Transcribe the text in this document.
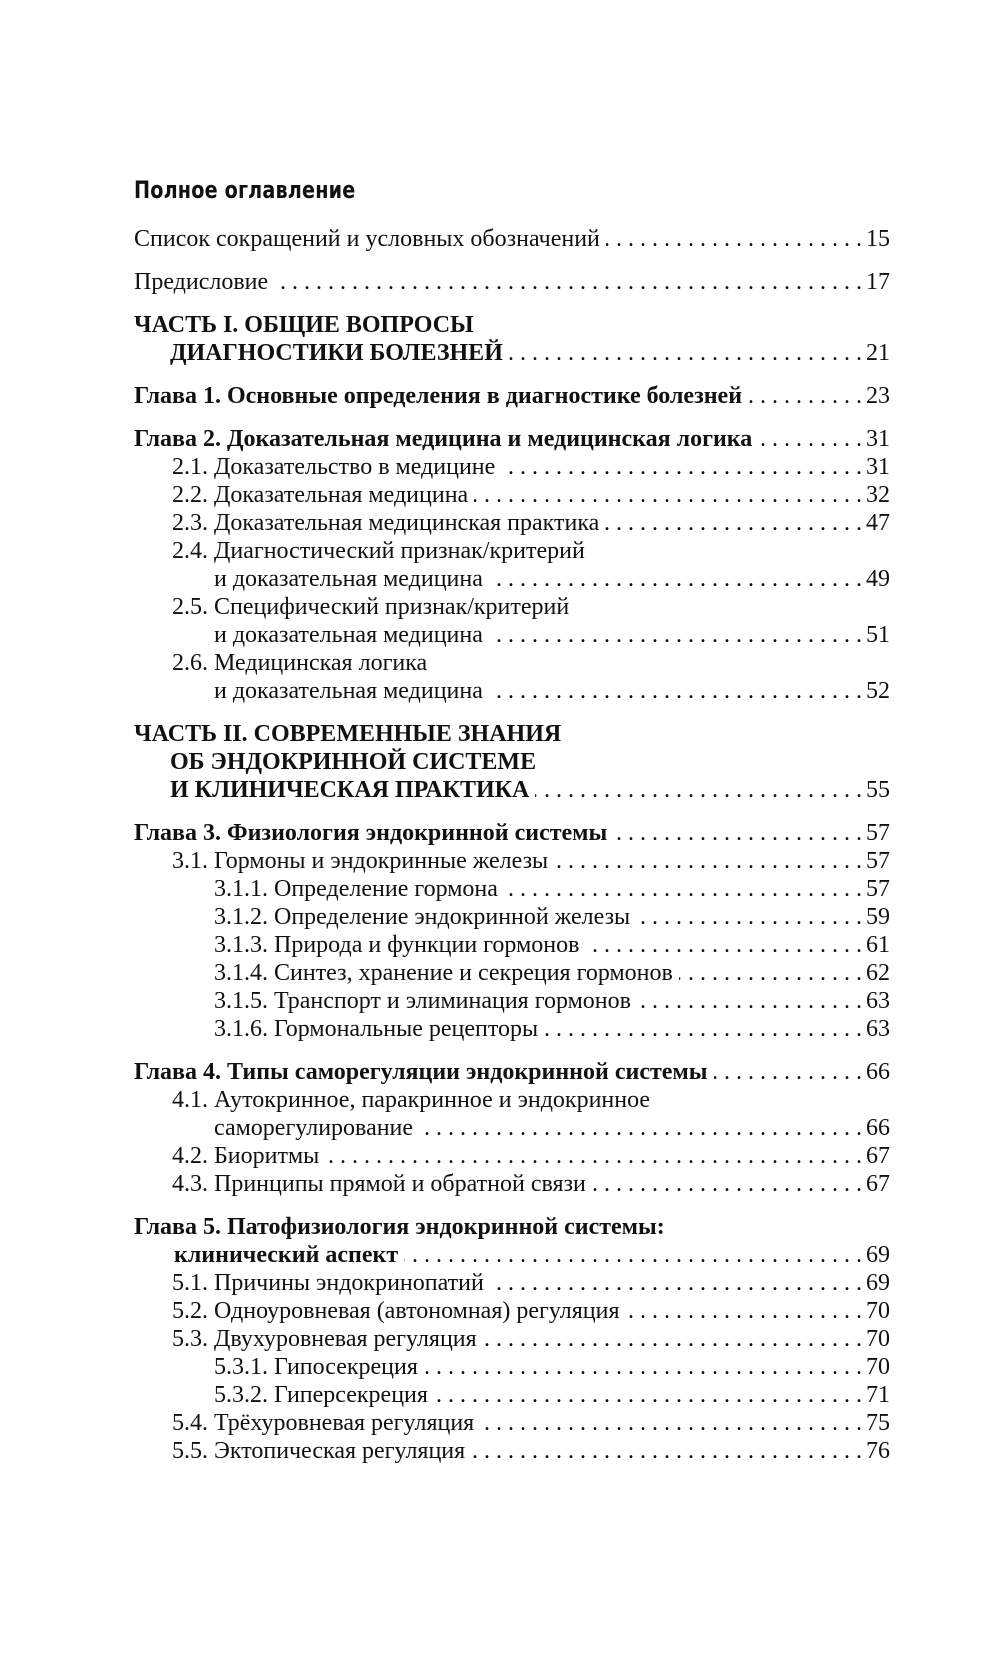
Полное оглавление
Список сокращений и условных обозначений . . .	15
Предисловие . . .	17
ЧАСТЬ I. ОБЩИЕ ВОПРОСЫ
ДИАГНОСТИКИ БОЛЕЗНЕЙ . . .	21
Глава 1. Основные определения в диагностике болезней . . .	23
Глава 2. Доказательная медицина и медицинская логика . . .	31
2.1. Доказательство в медицине . . .	31
2.2. Доказательная медицина . . .	32
2.3. Доказательная медицинская практика . . .	47
2.4. Диагностический признак/критерий
и доказательная медицина . . .	49
2.5. Специфический признак/критерий
и доказательная медицина . . .	51
2.6. Медицинская логика
и доказательная медицина . . .	52
ЧАСТЬ II. СОВРЕМЕННЫЕ ЗНАНИЯ
ОБ ЭНДОКРИННОЙ СИСТЕМЕ
И КЛИНИЧЕСКАЯ ПРАКТИКА . . .	55
Глава 3. Физиология эндокринной системы . . .	57
3.1. Гормоны и эндокринные железы . . .	57
3.1.1. Определение гормона . . .	57
3.1.2. Определение эндокринной железы . . .	59
3.1.3. Природа и функции гормонов . . .	61
3.1.4. Синтез, хранение и секреция гормонов . . .	62
3.1.5. Транспорт и элиминация гормонов . . .	63
3.1.6. Гормональные рецепторы . . .	63
Глава 4. Типы саморегуляции эндокринной системы . . .	66
4.1. Аутокринное, паракринное и эндокринное
саморегулирование . . .	66
4.2. Биоритмы . . .	67
4.3. Принципы прямой и обратной связи . . .	67
Глава 5. Патофизиология эндокринной системы:
клинический аспект . . .	69
5.1. Причины эндокринопатий . . .	69
5.2. Одноуровневая (автономная) регуляция . . .	70
5.3. Двухуровневая регуляция . . .	70
5.3.1. Гипосекреция . . .	70
5.3.2. Гиперсекреция . . .	71
5.4. Трёхуровневая регуляция . . .	75
5.5. Эктопическая регуляция . . .	76
